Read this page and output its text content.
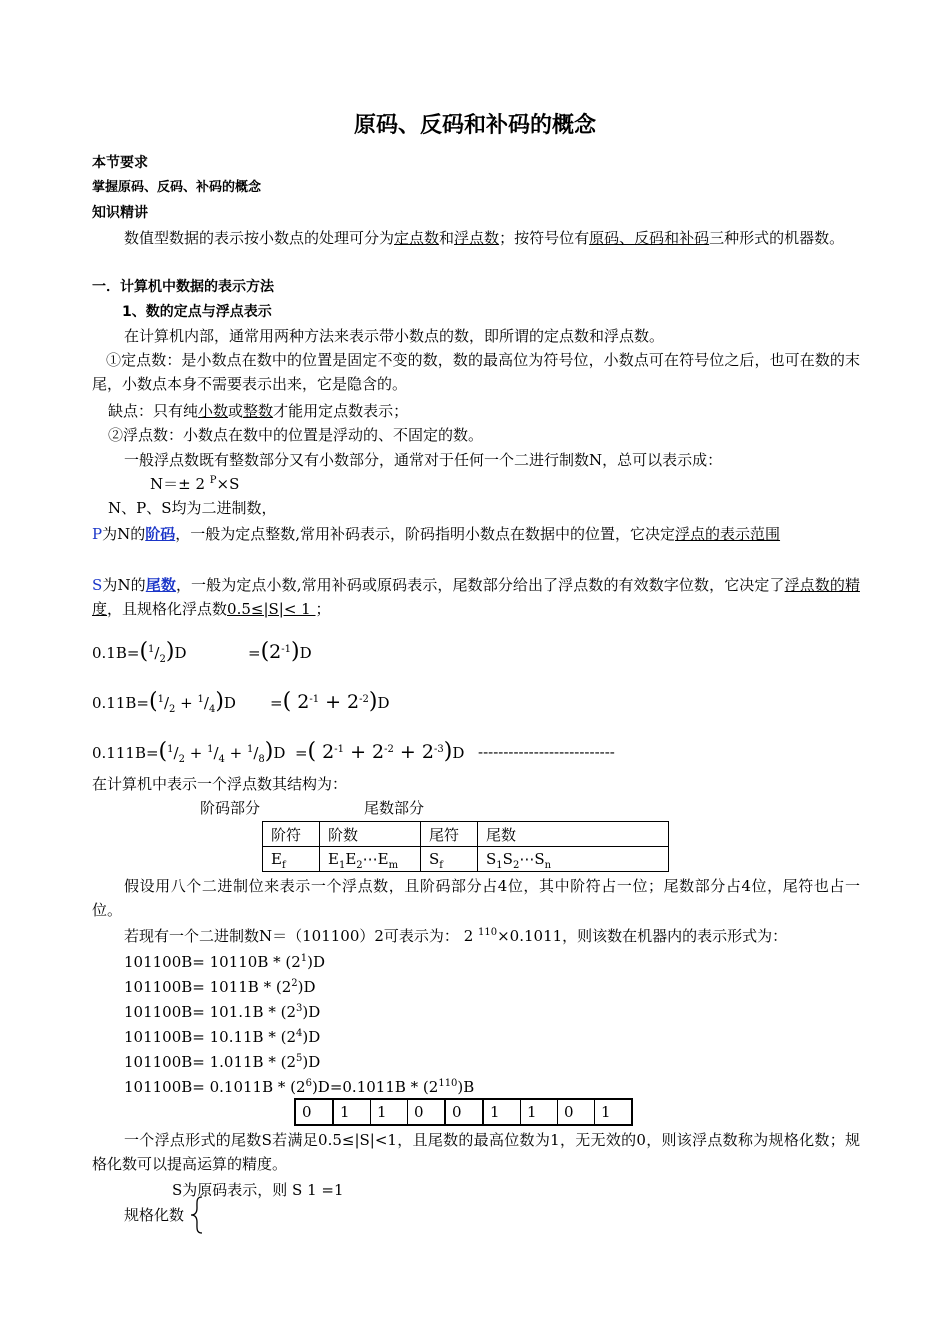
原码、反码和补码的概念
本节要求
掌握原码、反码、补码的概念
知识精讲
数值型数据的表示按小数点的处理可分为定点数和浮点数；按符号位有原码、反码和补码三种形式的机器数。
一．计算机中数据的表示方法
1、数的定点与浮点表示
在计算机内部，通常用两种方法来表示带小数点的数，即所谓的定点数和浮点数。
①定点数：是小数点在数中的位置是固定不变的数，数的最高位为符号位，小数点可在符号位之后，也可在数的末尾，小数点本身不需要表示出来，它是隐含的。
缺点：只有纯小数或整数才能用定点数表示；
②浮点数：小数点在数中的位置是浮动的、不固定的数。
一般浮点数既有整数部分又有小数部分，通常对于任何一个二进行制数N，总可以表示成：
N＝± 2 $^P$×S
N、P、S均为二进制数，
P为N的阶码，一般为定点整数,常用补码表示，阶码指明小数点在数据中的位置，它决定浮点的表示范围
S为N的尾数，一般为定点小数,常用补码或原码表示，尾数部分给出了浮点数的有效数字位数，它决定了浮点数的精度，且规格化浮点数0.5≤|S|< 1 ；
$0.1B=(^1/_2)D$	$=(2^{-1})D$
$0.11B=(^1/_2 + ^1/_4)D$ =( $2^{-1} + 2^{-2})D$
$0.111B=(^1/_2 + ^1/_4 + ^1/_8)D$ =( $2^{-1} + 2^{-2} + 2^{-3})D$ ---------------------------
在计算机中表示一个浮点数其结构为：
阶码部分	尾数部分
阶符	阶数	尾符	尾数
$E_f$	$E_1E_2\cdots E_m$	$S_f$	$S_1S_2\cdots S_n$
假设用八个二进制位来表示一个浮点数，且阶码部分占4位，其中阶符占一位；尾数部分占4位，尾符也占一位。
若现有一个二进制数N＝（101100）2可表示为： 2 $^{110}$×0.1011，则该数在机器内的表示形式为：
$101100B= 10110B * (2^1)D$
$101100B= 1011B * (2^2)D$
$101100B= 101.1B * (2^3)D$
$101100B= 10.11B * (2^4)D$
$101100B= 1.011B * (2^5)D$
$101100B= 0.1011B * (2^6)D=0.1011B * (2^{110})B$
0	1	1	0	0	1	1	0	1
一个浮点形式的尾数S若满足0.5≤|S|<1，且尾数的最高位数为1，无无效的0，则该浮点数称为规格化数；规格化数可以提高运算的精度。
S为原码表示，则 S 1 =1
规格化数
